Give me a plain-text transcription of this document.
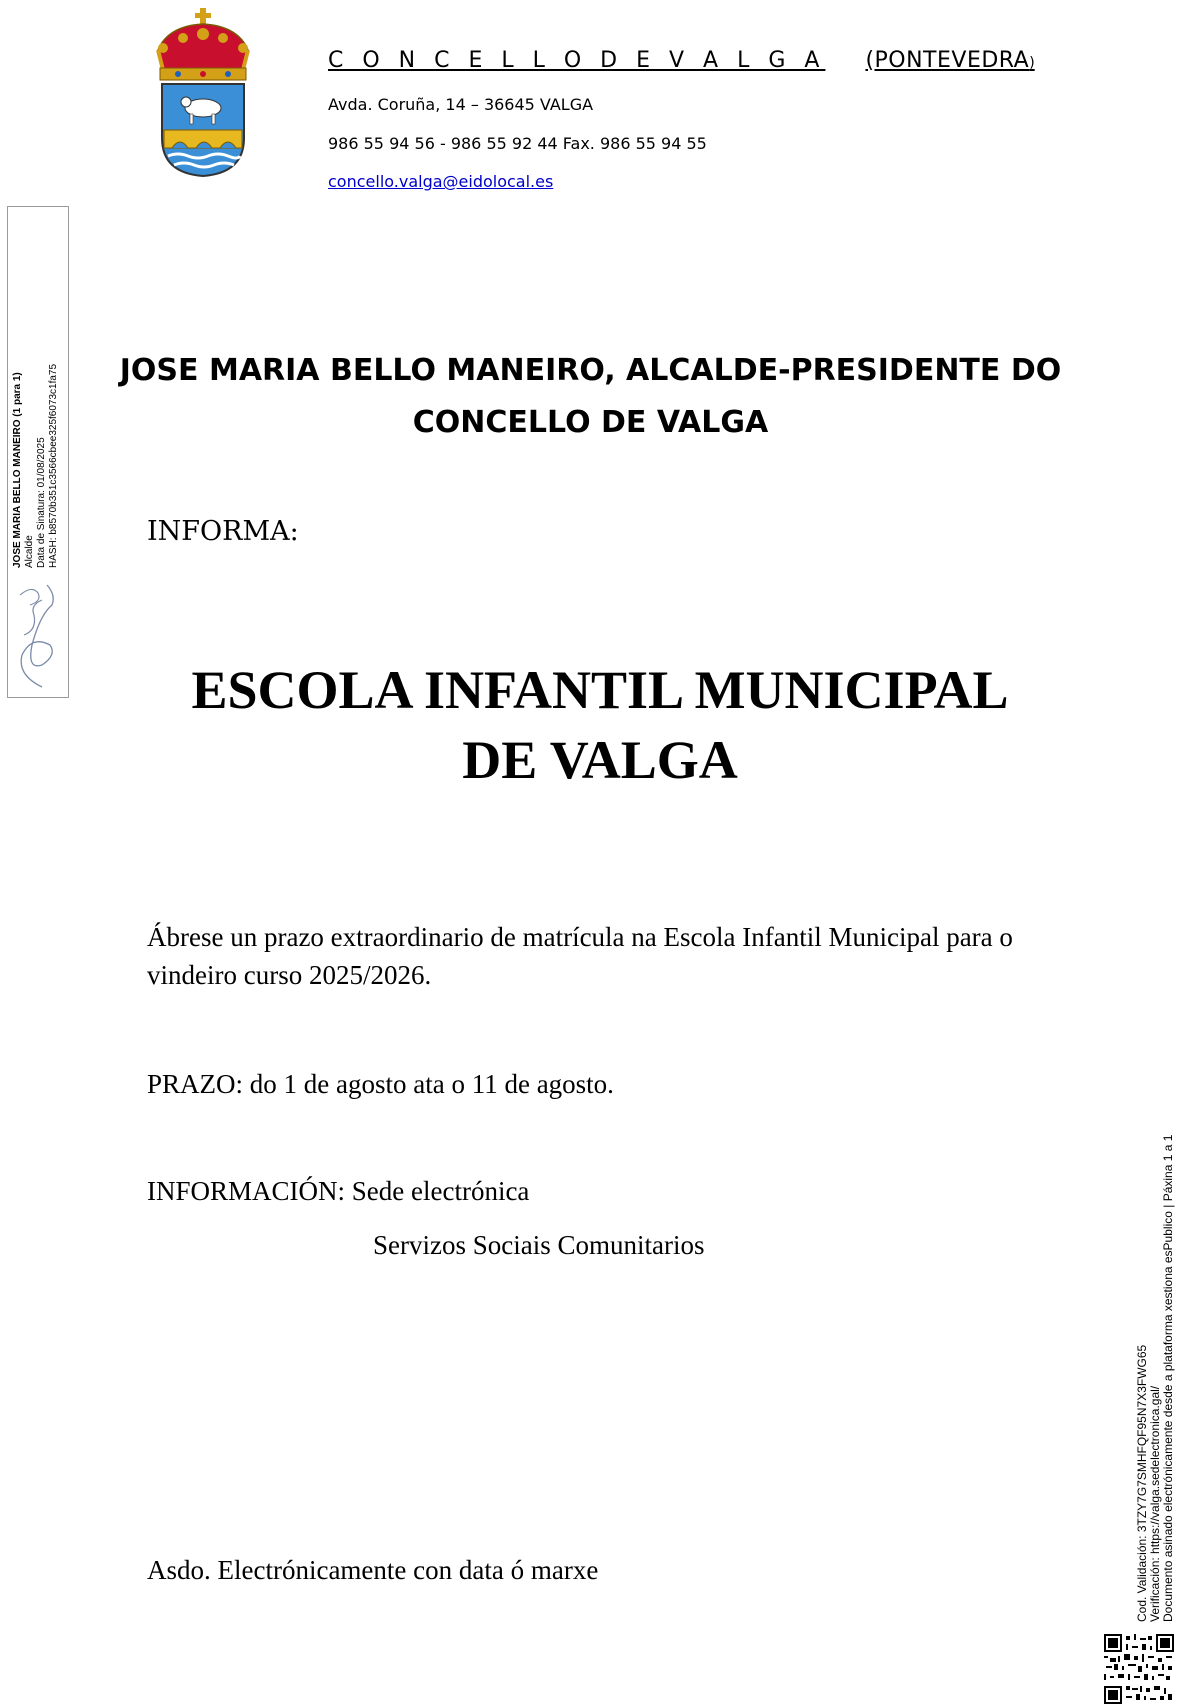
C O N C E L L O D E V A L G A (PONTEVEDRA)
Avda. Coruña, 14 – 36645 VALGA
986 55 94 56 - 986 55 92 44 Fax. 986 55 94 55
concello.valga@eidolocal.es
JOSE MARIA BELLO MANEIRO (1 para 1) Alcalde Data de Sinatura: 01/08/2025 HASH: b8570b351c3566cbee325f6073c1fa75	JOSE MARIA BELLO MANEIRO, ALCALDE-PRESIDENTE DO
CONCELLO DE VALGA
INFORMA:
ESCOLA INFANTIL MUNICIPAL
DE VALGA
Ábrese un prazo extraordinario de matrícula na Escola Infantil Municipal para o vindeiro curso 2025/2026.
PRAZO: do 1 de agosto ata o 11 de agosto.
INFORMACIÓN: Sede electrónica
Servizos Sociais Comunitarios
Asdo. Electrónicamente con data ó marxe	Cod. Validación: 3TZY7G7SMHFQF95N7X3FWG65 Verificación: https://valga.sedelectronica.gal/ Documento asinado electrónicamente desde a plataforma xestiona esPublico | Páxina 1 a 1
